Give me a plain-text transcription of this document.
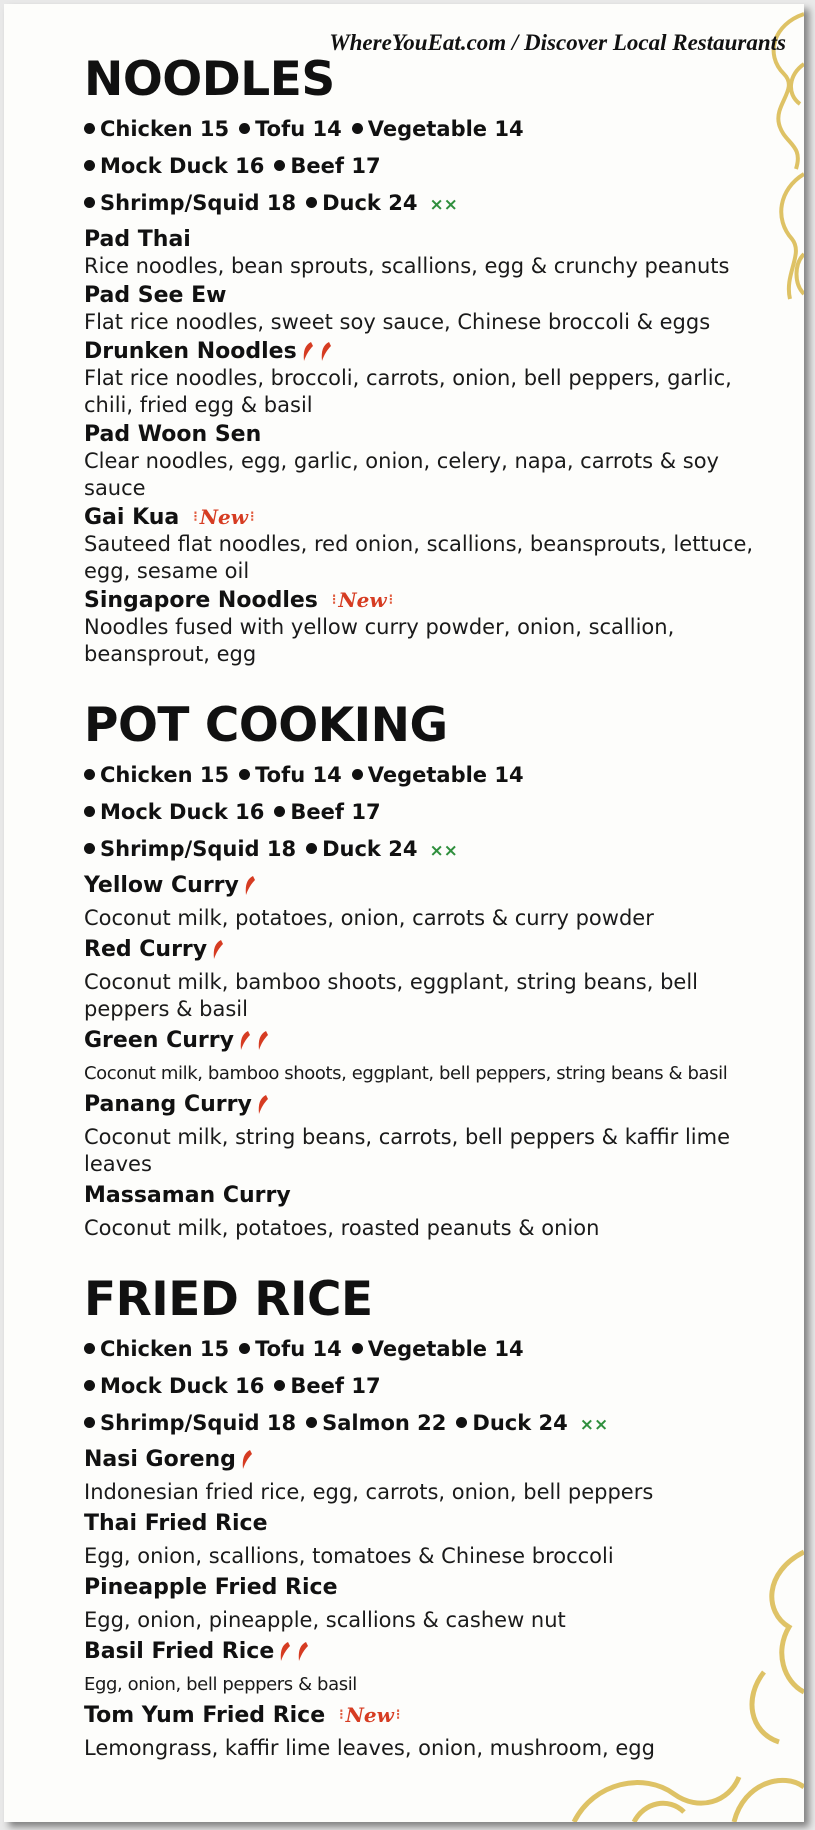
WhereYouEat.com / Discover Local Restaurants
NOODLES
Chicken 15 Tofu 14 Vegetable 14
Mock Duck 16 Beef 17
Shrimp/Squid 18 Duck 24 ××
Pad Thai
Rice noodles, bean sprouts, scallions, egg & crunchy peanuts
Pad See Ew
Flat rice noodles, sweet soy sauce, Chinese broccoli & eggs
Drunken Noodles
Flat rice noodles, broccoli, carrots, onion, bell peppers, garlic, chili, fried egg & basil
Pad Woon Sen
Clear noodles, egg, garlic, onion, celery, napa, carrots & soy sauce
Gai Kua ⁝ New ⁝
Sauteed flat noodles, red onion, scallions, beansprouts, lettuce, egg, sesame oil
Singapore Noodles ⁝ New ⁝
Noodles fused with yellow curry powder, onion, scallion, beansprout, egg
POT COOKING
Chicken 15 Tofu 14 Vegetable 14
Mock Duck 16 Beef 17
Shrimp/Squid 18 Duck 24 ××
Yellow Curry
Coconut milk, potatoes, onion, carrots & curry powder
Red Curry
Coconut milk, bamboo shoots, eggplant, string beans, bell peppers & basil
Green Curry
Coconut milk, bamboo shoots, eggplant, bell peppers, string beans & basil
Panang Curry
Coconut milk, string beans, carrots, bell peppers & kaffir lime leaves
Massaman Curry
Coconut milk, potatoes, roasted peanuts & onion
FRIED RICE
Chicken 15 Tofu 14 Vegetable 14
Mock Duck 16 Beef 17
Shrimp/Squid 18 Salmon 22 Duck 24 ××
Nasi Goreng
Indonesian fried rice, egg, carrots, onion, bell peppers
Thai Fried Rice
Egg, onion, scallions, tomatoes & Chinese broccoli
Pineapple Fried Rice
Egg, onion, pineapple, scallions & cashew nut
Basil Fried Rice
Egg, onion, bell peppers & basil
Tom Yum Fried Rice ⁝ New ⁝
Lemongrass, kaffir lime leaves, onion, mushroom, egg
